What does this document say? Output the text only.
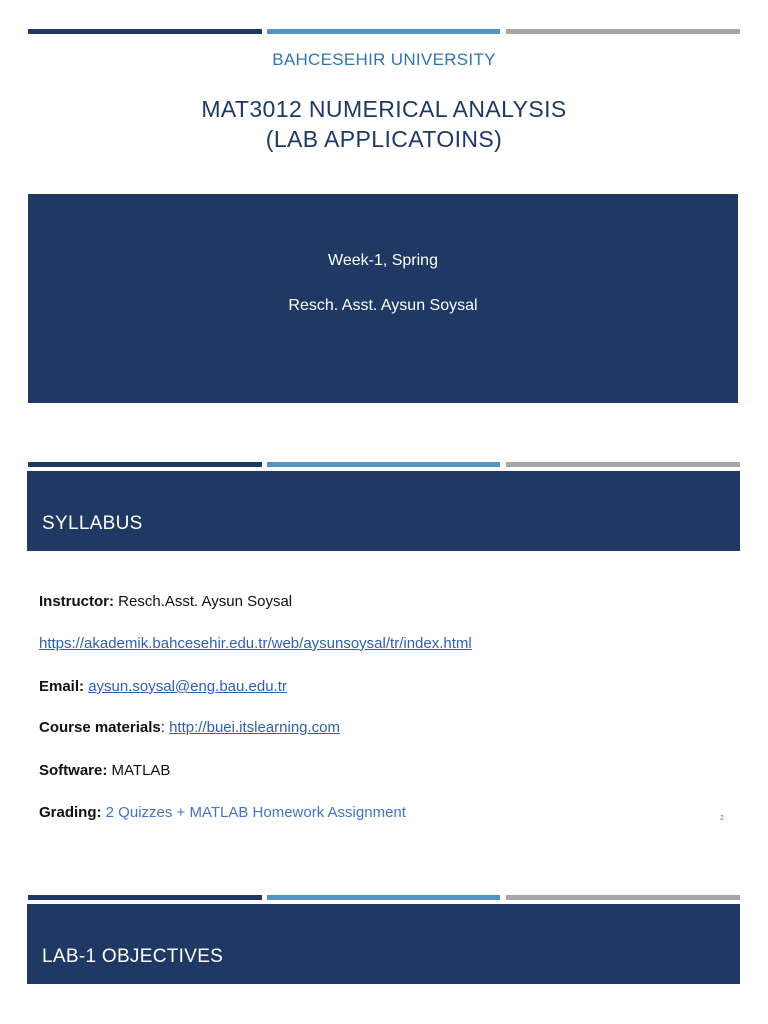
BAHCESEHIR UNIVERSITY
MAT3012 NUMERICAL ANALYSIS
(LAB APPLICATOINS)
Week-1, Spring
Resch. Asst. Aysun Soysal
SYLLABUS
Instructor: Resch.Asst. Aysun Soysal
https://akademik.bahcesehir.edu.tr/web/aysunsoysal/tr/index.html
Email: aysun.soysal@eng.bau.edu.tr
Course materials: http://buei.itslearning.com
Software: MATLAB
Grading: 2 Quizzes + MATLAB Homework Assignment	2
LAB-1 OBJECTIVES
